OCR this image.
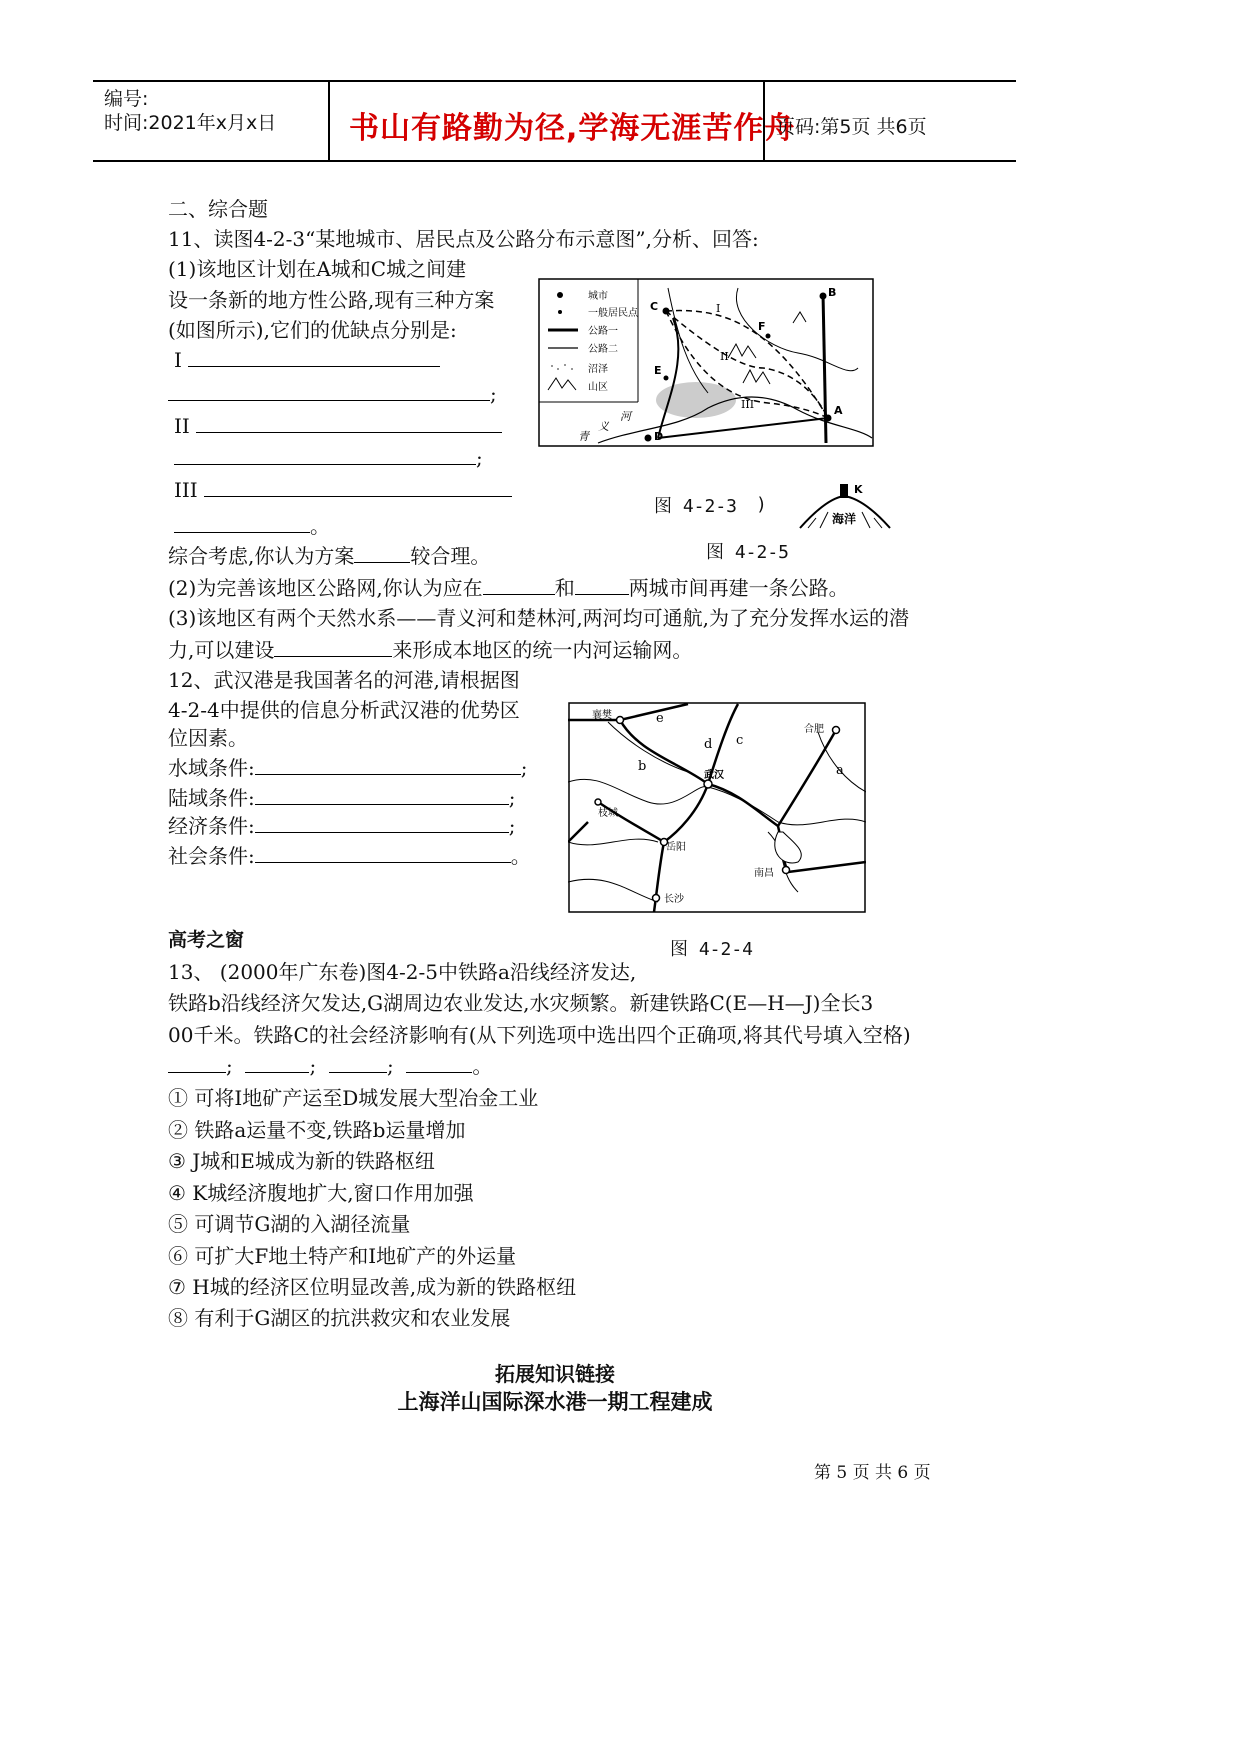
编号:
时间:2021年x月x日 书山有路勤为径,学海无涯苦作舟
页码:第5页 共6页
二、综合题
11、读图4-2-3“某地城市、居民点及公路分布示意图”,分析、回答:
(1)该地区计划在A城和C城之间建
设一条新的地方性公路,现有三种方案
(如图所示),它们的优缺点分别是:
I
;
II
;
III
。
综合考虑,你认为方案	较合理。
(2)为完善该地区公路网,你认为应在	和	两城市间再建一条公路。
(3)该地区有两个天然水系——青义河和楚林河,两河均可通航,为了充分发挥水运的潜
力,可以建设	来形成本地区的统一内河运输网。
城市
一般居民点
公路一
公路二
沼泽
山区
A
B
C
D
E
F
I
II
III
青
义
河
图 4-2-3 )
K
海洋
图 4-2-5
12、武汉港是我国著名的河港,请根据图
4-2-4中提供的信息分析武汉港的优势区
位因素。
水域条件:	;
陆域条件:	;
经济条件:	;
社会条件:	。
襄樊
合肥
武汉
枝城
岳阳
南昌
长沙
a
b
c
d
e
图 4-2-4
高考之窗
13、 (2000年广东卷)图4-2-5中铁路a沿线经济发达,
铁路b沿线经济欠发达,G湖周边农业发达,水灾频繁。新建铁路C(E—H—J)全长3
00千米。铁路C的社会经济影响有(从下列选项中选出四个正确项,将其代号填入空格)
;	;	;	。
① 可将I地矿产运至D城发展大型冶金工业
② 铁路a运量不变,铁路b运量增加
③ J城和E城成为新的铁路枢纽
④ K城经济腹地扩大,窗口作用加强
⑤ 可调节G湖的入湖径流量
⑥ 可扩大F地土特产和I地矿产的外运量
⑦ H城的经济区位明显改善,成为新的铁路枢纽
⑧ 有利于G湖区的抗洪救灾和农业发展
拓展知识链接
上海洋山国际深水港一期工程建成
第 5 页 共 6 页
